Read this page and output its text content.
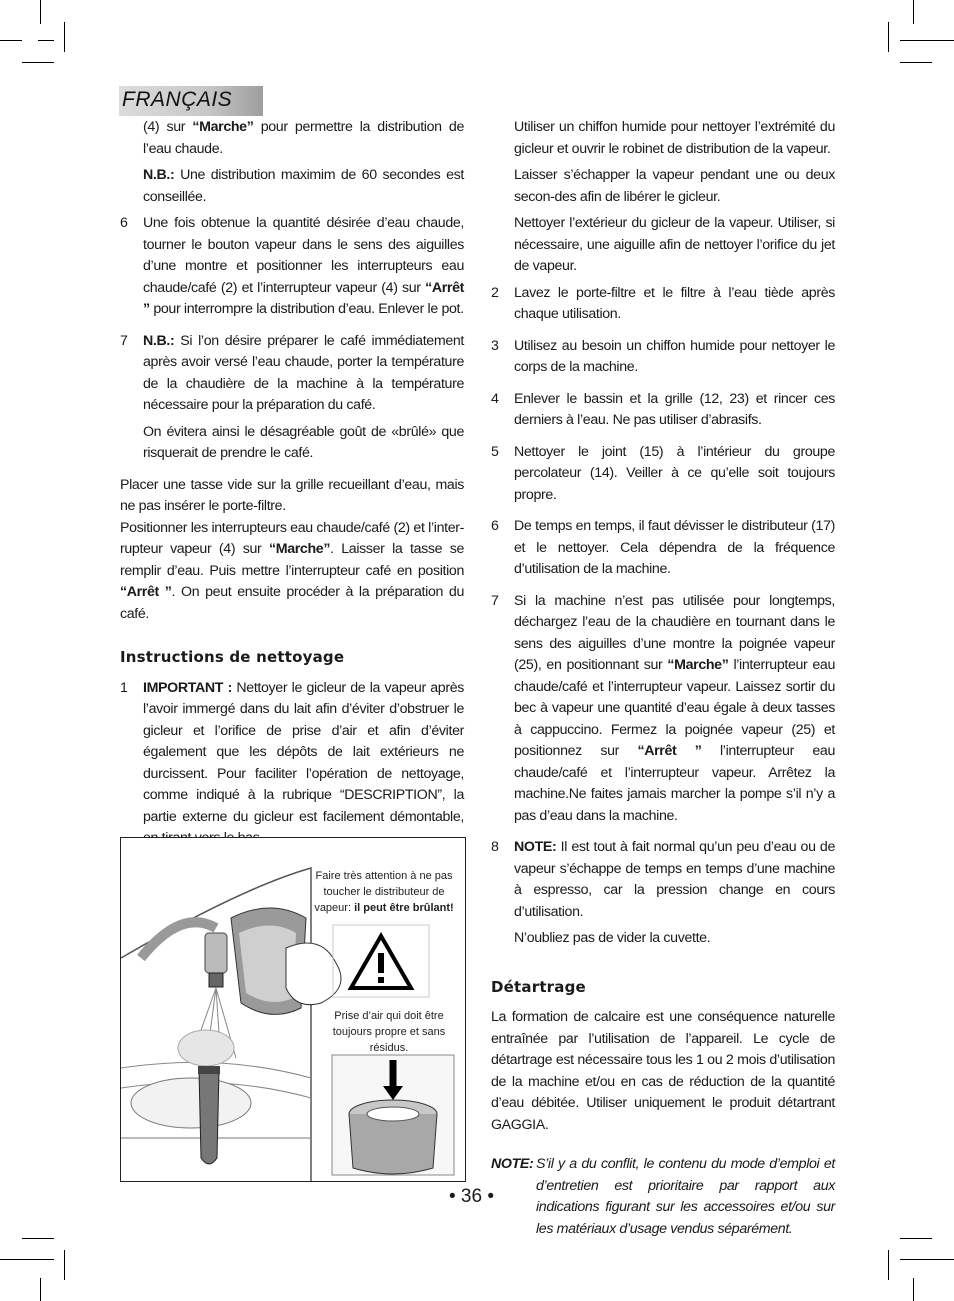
FRANÇAIS

(4) sur “Marche” pour permettre la distribution de l’eau chaude.

N.B.: Une distribution maximim de 60 secondes est conseillée.

6	Une fois obtenue la quantité désirée d’eau chaude, tourner le bouton vapeur dans le sens des aiguilles d’une montre et positionner les interrupteurs eau chaude/café (2) et l’interrupteur vapeur (4) sur “Arrêt ” pour interrompre la distribution d’eau. Enlever le pot.

7	N.B.: Si l’on désire préparer le café immédiatement après avoir versé l’eau chaude, porter la température de la chaudière de la machine à la température nécessaire pour la préparation du café.

On évitera ainsi le désagréable goût de «brûlé» que risquerait de prendre le café.

Placer une tasse vide sur la grille recueillant d’eau, mais ne pas insérer le porte-filtre.

Positionner les interrupteurs eau chaude/café (2) et l’inter-rupteur vapeur (4) sur “Marche”. Laisser la tasse se remplir d’eau. Puis mettre l’interrupteur café en position “Arrêt ”. On peut ensuite procéder à la préparation du café.

Instructions de nettoyage
1	IMPORTANT : Nettoyer le gicleur de la vapeur après l’avoir immergé dans du lait afin d’éviter d’obstruer le gicleur et l’orifice de prise d’air et afin d’éviter également que les dépôts de lait extérieurs ne durcissent. Pour faciliter l’opération de nettoyage, comme indiqué à la rubrique “DESCRIPTION”, la partie externe du gicleur est facilement démontable,

Faire très attention à ne pas toucher le distributeur de vapeur: il peut être brûlant!
Prise d’air qui doit être toujours propre et sans résidus.

Utiliser un chiffon humide pour nettoyer l’extrémité du gicleur et ouvrir le robinet de distribution de la vapeur.

Laisser s’échapper la vapeur pendant une ou deux secon-des afin de libérer le gicleur.

Nettoyer l’extérieur du gicleur de la vapeur. Utiliser, si nécessaire, une aiguille afin de nettoyer l’orifice du jet de vapeur.

2	Lavez le porte-filtre et le filtre à l’eau tiède après chaque utilisation.

3	Utilisez au besoin un chiffon humide pour nettoyer le corps de la machine.

4	Enlever le bassin et la grille (12, 23) et rincer ces derniers à l’eau. Ne pas utiliser d’abrasifs.

5	Nettoyer le joint (15) à l’intérieur du groupe percolateur (14). Veiller à ce qu’elle soit toujours propre.

6	De temps en temps, il faut dévisser le distributeur (17) et le nettoyer. Cela dépendra de la fréquence d’utilisation de la machine.

7	Si la machine n’est pas utilisée pour longtemps, déchargez l’eau de la chaudière en tournant dans le sens des aiguilles d’une montre la poignée vapeur (25), en positionnant sur “Marche” l’interrupteur eau chaude/café et l’interrupteur vapeur. Laissez sortir du bec à vapeur une quantité d’eau égale à deux tasses à cappuccino. Fermez la poignée vapeur (25) et positionnez sur “Arrêt ” l’interrupteur eau chaude/café et l’interrupteur vapeur. Arrêtez la machine.Ne faites jamais marcher la pompe s’il n’y a pas d’eau dans la machine.

8	NOTE: Il est tout à fait normal qu’un peu d’eau ou de vapeur s’échappe de temps en temps d’une machine à espresso, car la pression change en cours d’utilisation.

N’oubliez pas de vider la cuvette.

Détartrage

La formation de calcaire est une conséquence naturelle entraînée par l’utilisation de l’appareil. Le cycle de détartrage est nécessaire tous les 1 ou 2 mois d’utilisation de la machine et/ou en cas de réduction de la quantité d’eau débitée. Utiliser uniquement le produit détartrant GAGGIA.

NOTE: S’il y a du conflit, le contenu du mode d’emploi et d’entretien est prioritaire par rapport aux indications figurant sur les accessoires et/ou sur les matériaux d’usage vendus séparément.
• 36 •
